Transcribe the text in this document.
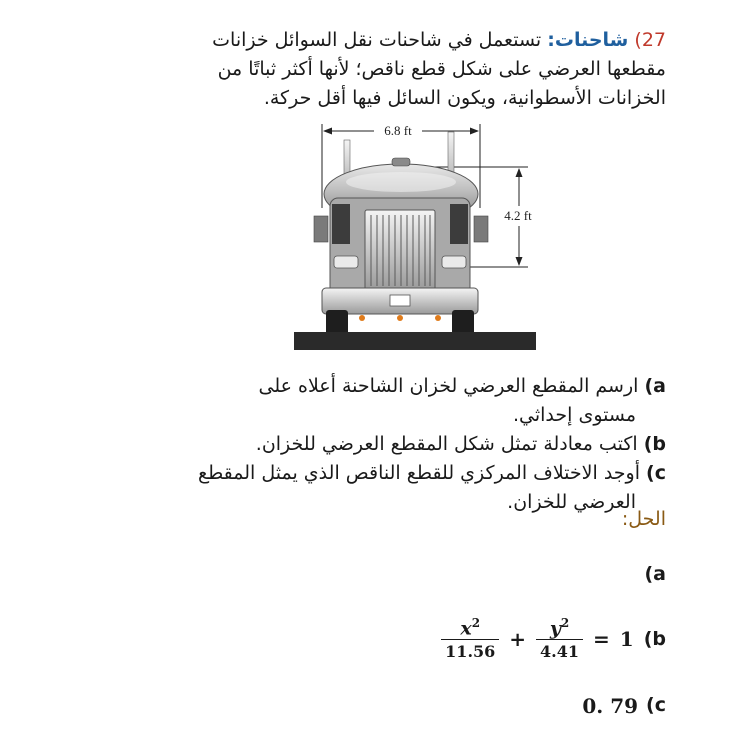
27) شاحنات: تستعمل في شاحنات نقل السوائل خزانات
مقطعها العرضي على شكل قطع ناقص؛ لأنها أكثر ثباتًا من
الخزانات الأسطوانية، ويكون السائل فيها أقل حركة.
6.8 ft
4.2 ft
a) ارسم المقطع العرضي لخزان الشاحنة أعلاه على
مستوى إحداثي.
b) اكتب معادلة تمثل شكل المقطع العرضي للخزان.
c) أوجد الاختلاف المركزي للقطع الناقص الذي يمثل المقطع
العرضي للخزان.
الحل:
(a
$\frac{x^2}{11.56} + \frac{y^2}{4.41} = 1$ (b
0. 79 (c
